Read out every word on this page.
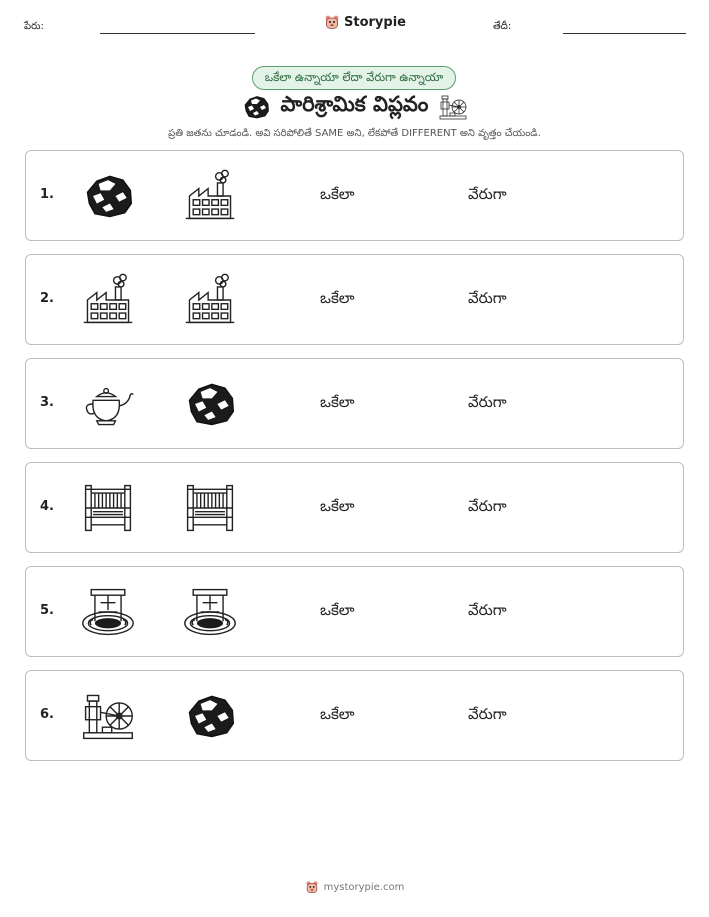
పేరు:	Storypie	తేదీ:
ఒకేలా ఉన్నాయా లేదా వేరుగా ఉన్నాయా
పారిశ్రామిక విప్లవం
ప్రతి జతను చూడండి. అవి సరిపోలితే SAME అని, లేకపోతే DIFFERENT అని వృత్తం చేయండి.
1.	ఒకేలా	వేరుగా
2.	ఒకేలా	వేరుగా
3.	ఒకేలా	వేరుగా
4.	ఒకేలా	వేరుగా
5.	ఒకేలా	వేరుగా
6.	ఒకేలా	వేరుగా
mystorypie.com
